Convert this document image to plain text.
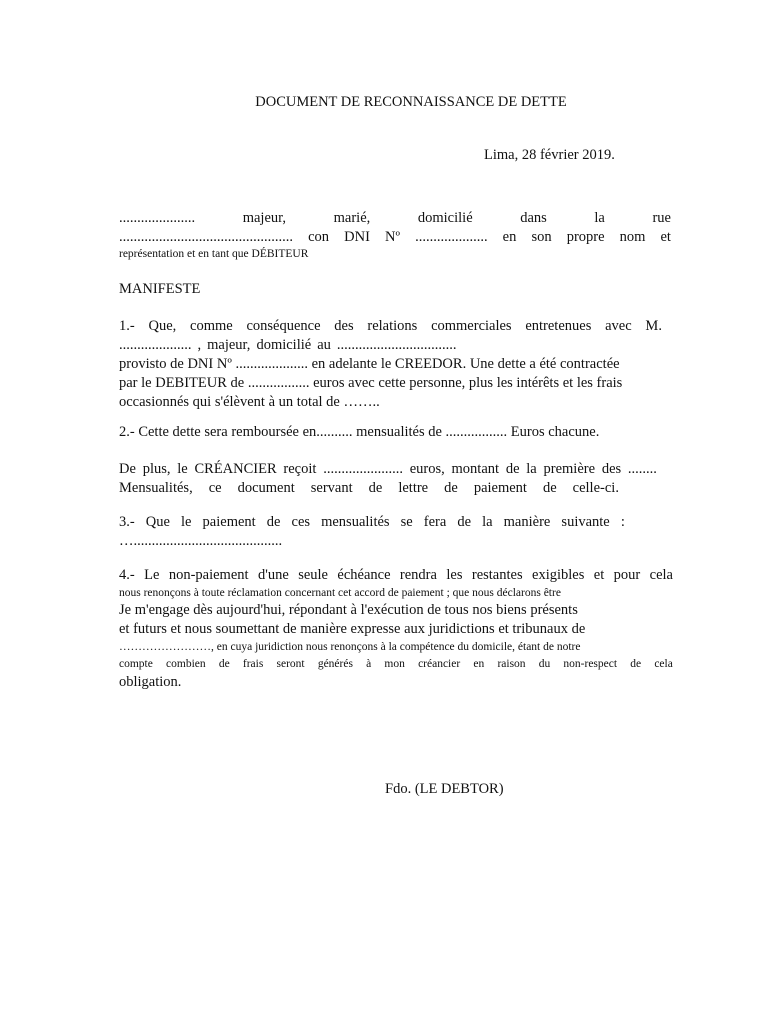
DOCUMENT DE RECONNAISSANCE DE DETTE
Lima, 28 février 2019.
.....................	majeur,	marié,	domicilié	dans	la	rue
................................................ con DNI Nº .................... en son propre nom et
représentation et en tant que DÉBITEUR
MANIFESTE
1.- Que, comme conséquence des relations commerciales entretenues avec M.
.................... , majeur, domicilié au .................................
provisto de DNI Nº .................... en adelante le CREEDOR. Une dette a été contractée
par le DEBITEUR de ................. euros avec cette personne, plus les intérêts et les frais
occasionnés qui s'élèvent à un total de ……..
2.- Cette dette sera remboursée en.......... mensualités de ................. Euros chacune.
De plus, le CRÉANCIER reçoit ...................... euros, montant de la première des ........
Mensualités, ce document servant de lettre de paiement de celle-ci.
3.- Que le paiement de ces mensualités se fera de la manière suivante :
….........................................
4.- Le non-paiement d'une seule échéance rendra les restantes exigibles et pour cela
nous renonçons à toute réclamation concernant cet accord de paiement ; que nous déclarons être
Je m'engage dès aujourd'hui, répondant à l'exécution de tous nos biens présents
et futurs et nous soumettant de manière expresse aux juridictions et tribunaux de
……………………, en cuya juridiction nous renonçons à la compétence du domicile, étant de notre
compte combien de frais seront générés à mon créancier en raison du non-respect de cela
obligation.
Fdo. (LE DEBTOR)
